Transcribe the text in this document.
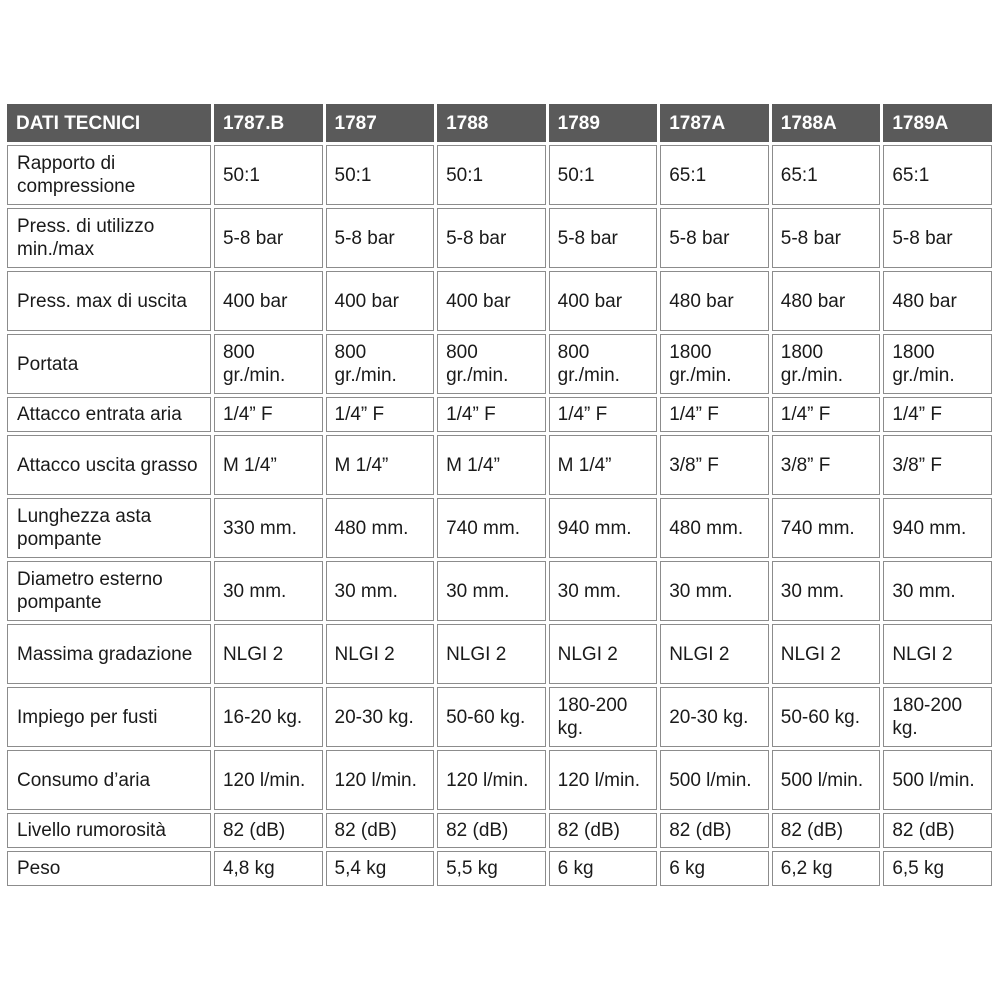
DATI TECNICI	1787.B	1787	1788	1789	1787A	1788A	1789A
Rapporto di compressione	50:1	50:1	50:1	50:1	65:1	65:1	65:1
Press. di utilizzo min./max	5-8 bar	5-8 bar	5-8 bar	5-8 bar	5-8 bar	5-8 bar	5-8 bar
Press. max di uscita	400 bar	400 bar	400 bar	400 bar	480 bar	480 bar	480 bar
Portata	800 gr./min.	800 gr./min.	800 gr./min.	800 gr./min.	1800 gr./min.	1800 gr./min.	1800 gr./min.
Attacco entrata aria	1/4” F	1/4” F	1/4” F	1/4” F	1/4” F	1/4” F	1/4” F
Attacco uscita grasso	M 1/4”	M 1/4”	M 1/4”	M 1/4”	3/8” F	3/8” F	3/8” F
Lunghezza asta pompante	330 mm.	480 mm.	740 mm.	940 mm.	480 mm.	740 mm.	940 mm.
Diametro esterno pompante	30 mm.	30 mm.	30 mm.	30 mm.	30 mm.	30 mm.	30 mm.
Massima gradazione	NLGI 2	NLGI 2	NLGI 2	NLGI 2	NLGI 2	NLGI 2	NLGI 2
Impiego per fusti	16-20 kg.	20-30 kg.	50-60 kg.	180-200 kg.	20-30 kg.	50-60 kg.	180-200 kg.
Consumo d’aria	120 l/min.	120 l/min.	120 l/min.	120 l/min.	500 l/min.	500 l/min.	500 l/min.
Livello rumorosità	82 (dB)	82 (dB)	82 (dB)	82 (dB)	82 (dB)	82 (dB)	82 (dB)
Peso	4,8 kg	5,4 kg	5,5 kg	6 kg	6 kg	6,2 kg	6,5 kg
